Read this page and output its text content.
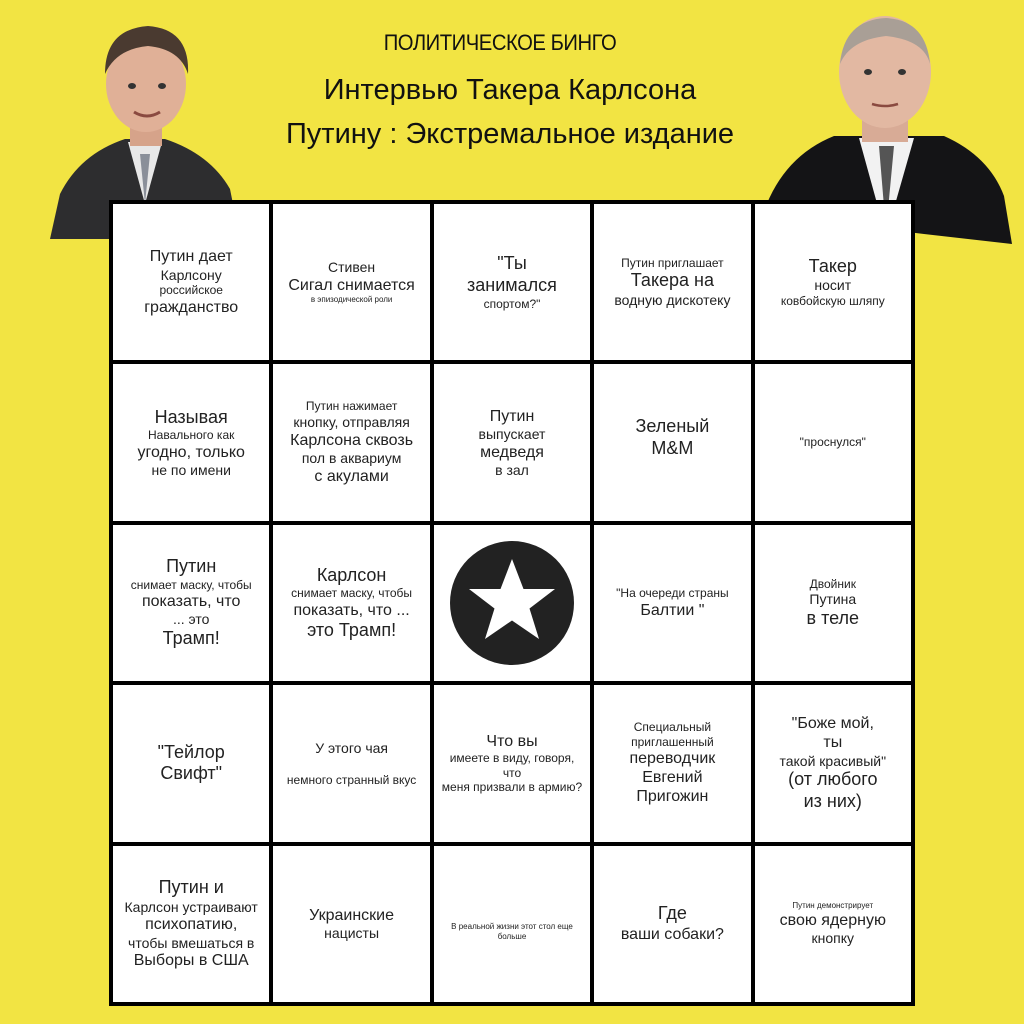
ПОЛИТИЧЕСКОЕ БИНГО
Интервью Такера Карлсона
Путину : Экстремальное издание
Путин дает
Карлсону
российское
гражданство
Стивен
Сигал снимается
в эпизодической роли
"Ты
занимался
спортом?"
Путин приглашает
Такера на
водную дискотеку
Такер
носит
ковбойскую шляпу
Называя
Навального как
угодно, только
не по имени
Путин нажимает
кнопку, отправляя
Карлсона сквозь
пол в аквариум
с акулами
Путин
выпускает
медведя
в зал
Зеленый
M&M	"проснулся"
Путин
снимает маску, чтобы
показать, что
... это
Трамп!
Карлсон
снимает маску, чтобы
показать, что ...
это Трамп!
"На очереди страны
Балтии "
Двойник
Путина
в теле
"Тейлор
Свифт"
У этого чая
немного странный вкус
Что вы
имеете в виду, говоря, что
меня призвали в армию?
Специальный приглашенный
переводчик
Евгений
Пригожин
"Боже мой,
ты
такой красивый"
(от любого
из них)
Путин и
Карлсон устраивают
психопатию,
чтобы вмешаться в
Выборы в США
Украинские
нацисты	В реальной жизни этот стол еще больше
Где
ваши собаки?
Путин демонстрирует
свою ядерную
кнопку
